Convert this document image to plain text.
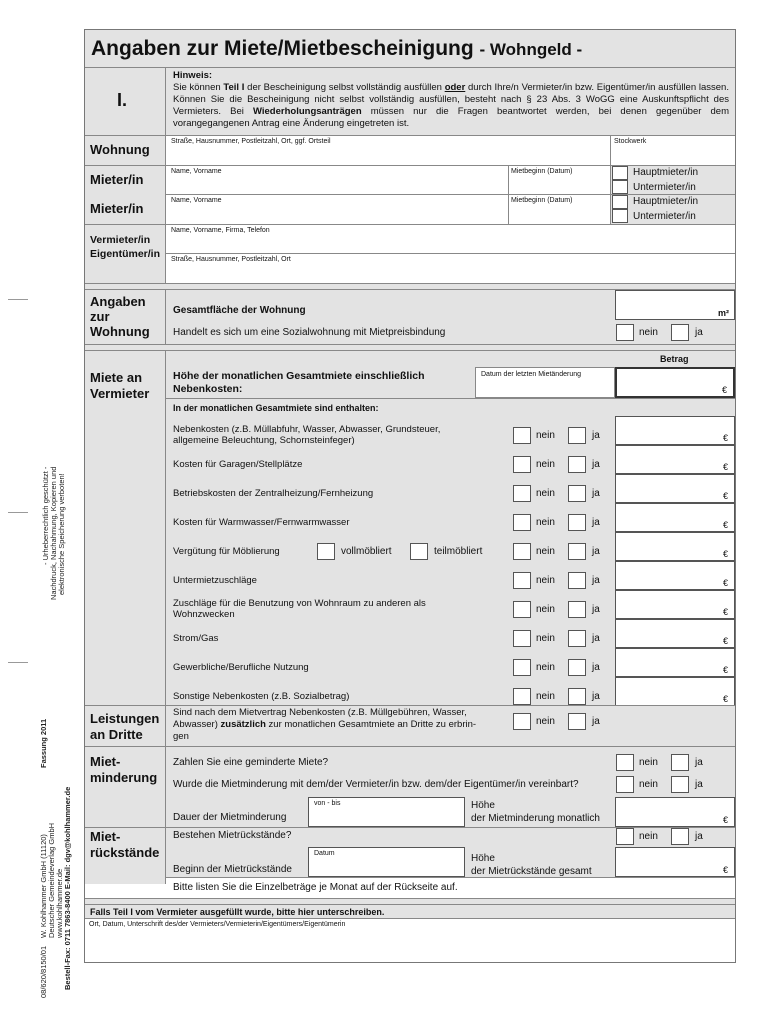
- Urheberrechtlich geschützt - Nachdruck, Nachahmung, Kopieren und elektronische Speicherung verboten!
08/620/8150/01
W. Kohlhammer GmbH (11120) Deutscher Gemeindeverlag GmbH www.kohlhammer.de
Fassung 2011
Bestell-Fax: 0711 7863-8400 E-Mail: dgv@kohlhammer.de
Angaben zur Miete/Mietbescheinigung - Wohngeld -
I.
Hinweis:
Sie können Teil I der Bescheinigung selbst vollständig ausfüllen oder durch Ihre/n Vermieter/in bzw. Eigentümer/in ausfüllen lassen. Können Sie die Bescheinigung nicht selbst vollständig ausfüllen, besteht nach § 23 Abs. 3 WoGG eine Auskunftspflicht des Vermieters. Bei Wiederholungsanträgen müssen nur die Fragen beantwortet werden, bei denen gegenüber dem vorangegangenen Antrag eine Änderung eingetreten ist.
Wohnung
Straße, Hausnummer, Postleitzahl, Ort, ggf. Ortsteil	Stockwerk
Mieter/in
Mieter/in
Name, Vorname	Mietbeginn (Datum)	Hauptmieter/in
Untermieter/in
Name, Vorname	Mietbeginn (Datum)	Hauptmieter/in
Untermieter/in
Vermieter/in
Eigentümer/in
Name, Vorname, Firma, Telefon
Straße, Hausnummer, Postleitzahl, Ort
Angaben
zur
Wohnung
Gesamtfläche der Wohnung	m²
Handelt es sich um eine Sozialwohnung mit Mietpreisbindung	nein	ja
Miete an
Vermieter
Betrag
Höhe der monatlichen Gesamtmiete einschließlich
Nebenkosten:
Datum der letzten Mietänderung
€
In der monatlichen Gesamtmiete sind enthalten:
Nebenkosten (z.B. Müllabfuhr, Wasser, Abwasser, Grundsteuer,
allgemeine Beleuchtung, Schornsteinfeger)	nein	ja	€
Kosten für Garagen/Stellplätze	nein	ja	€
Betriebskosten der Zentralheizung/Fernheizung	nein	ja	€
Kosten für Warmwasser/Fernwarmwasser	nein	ja	€
Vergütung für Möblierung	vollmöbliert	teilmöbliert	nein	ja	€
Untermietzuschläge	nein	ja	€
Zuschläge für die Benutzung von Wohnraum zu anderen als
Wohnzwecken	nein	ja	€
Strom/Gas	nein	ja	€
Gewerbliche/Berufliche Nutzung	nein	ja	€
Sonstige Nebenkosten (z.B. Sozialbetrag)	nein	ja	€
Leistungen
an Dritte
Sind nach dem Mietvertrag Nebenkosten (z.B. Müllgebühren, Wasser,
Abwasser) zusätzlich zur monatlichen Gesamtmiete an Dritte zu erbrin-
gen
nein	ja
Miet-
minderung
Zahlen Sie eine geminderte Miete?	nein	ja
Wurde die Mietminderung mit dem/der Vermieter/in bzw. dem/der Eigentümer/in vereinbart?	nein	ja
Dauer der Mietminderung
von - bis	Höhe
der Mietminderung monatlich	€
Miet-
rückstände
Bestehen Mietrückstände?	nein	ja
Beginn der Mietrückstände
Datum	Höhe
der Mietrückstände gesamt	€
Bitte listen Sie die Einzelbeträge je Monat auf der Rückseite auf.
Falls Teil I vom Vermieter ausgefüllt wurde, bitte hier unterschreiben.
Ort, Datum, Unterschrift des/der Vermieters/Vermieterin/Eigentümers/Eigentümerin
